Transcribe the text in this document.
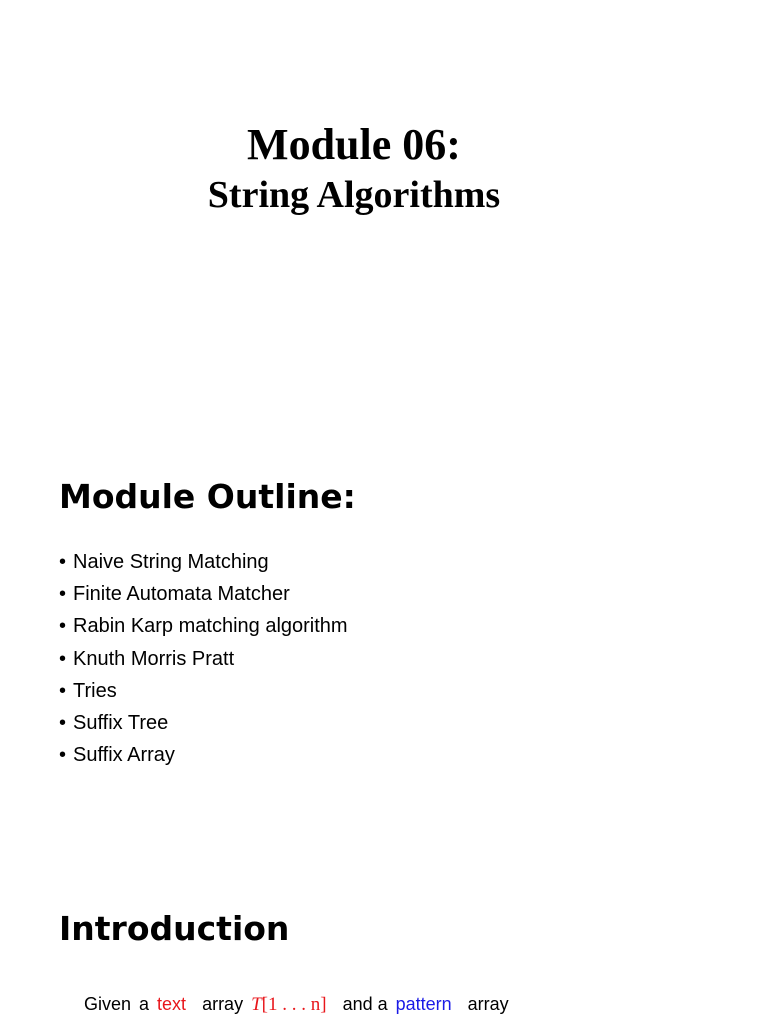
Module 06:
String Algorithms
Module Outline:
• Naive String Matching
• Finite Automata Matcher
• Rabin Karp matching algorithm
• Knuth Morris Pratt
• Tries
• Suffix Tree
• Suffix Array
Introduction
Given a text array T[1 . . . n] and a pattern array
